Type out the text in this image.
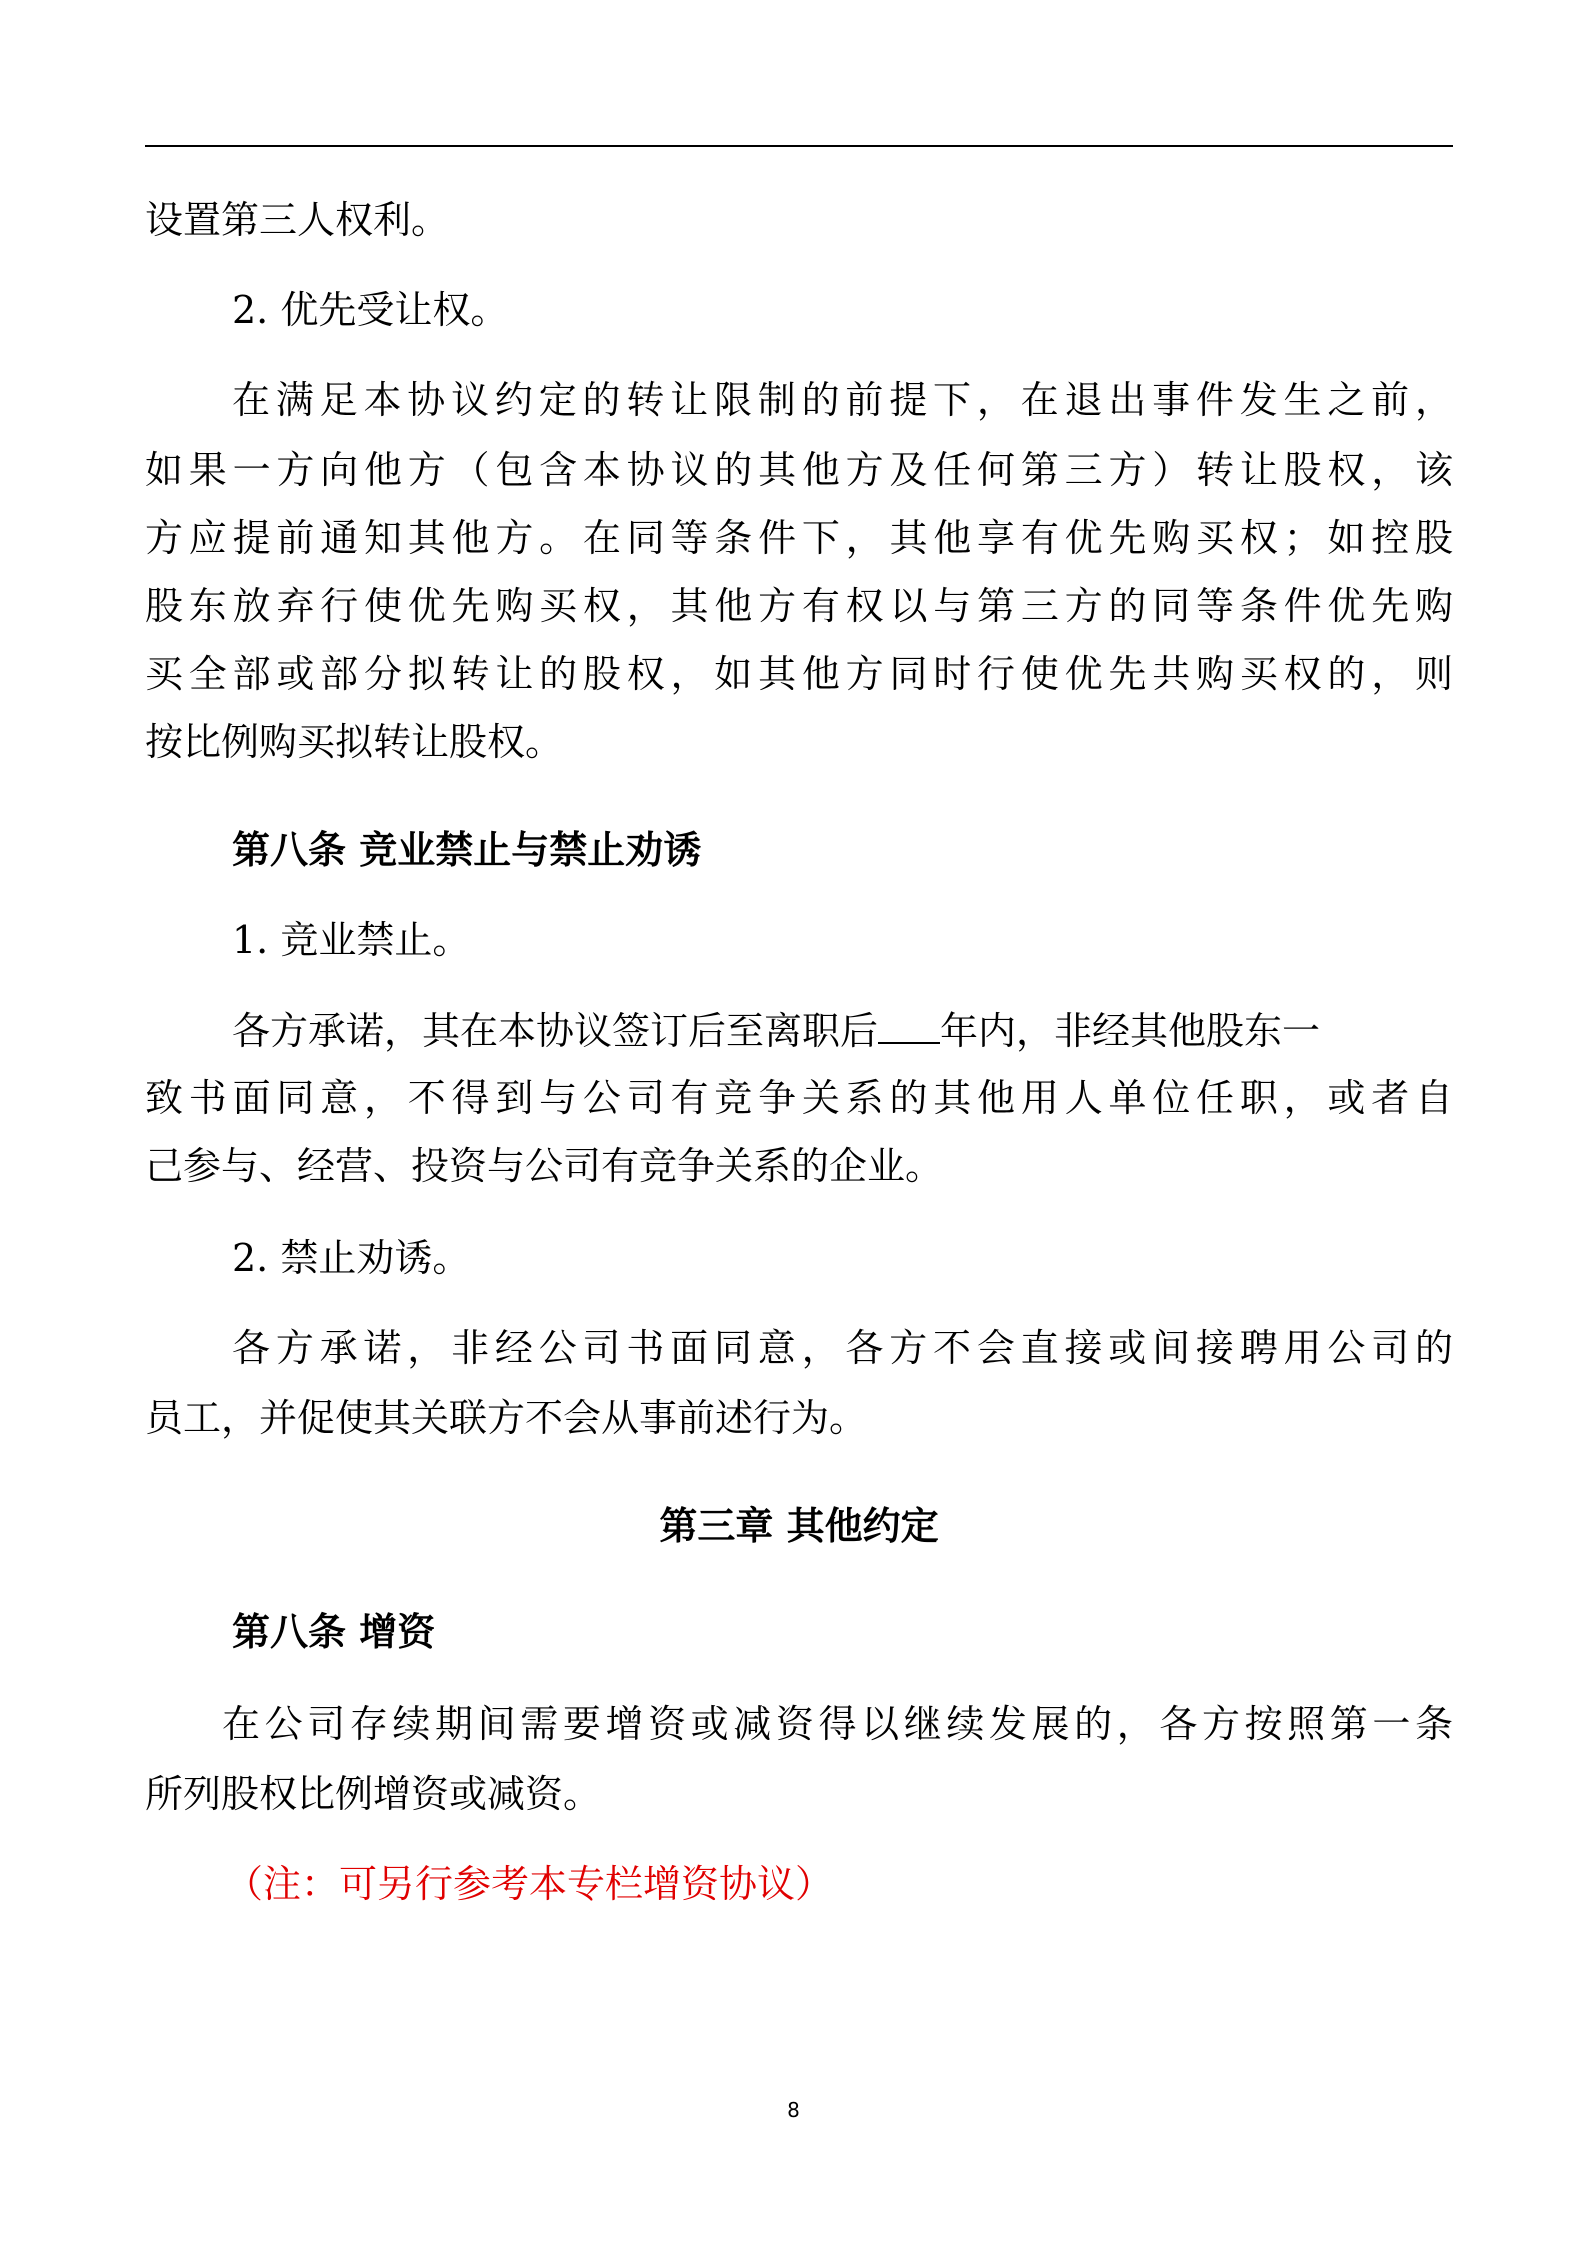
设置第三人权利。
2. 优先受让权。
在满足本协议约定的转让限制的前提下，在退出事件发生之前，
如果一方向他方（包含本协议的其他方及任何第三方）转让股权，该
方应提前通知其他方。在同等条件下，其他享有优先购买权；如控股
股东放弃行使优先购买权，其他方有权以与第三方的同等条件优先购
买全部或部分拟转让的股权，如其他方同时行使优先共购买权的，则
按比例购买拟转让股权。
第八条 竞业禁止与禁止劝诱
1. 竞业禁止。
各方承诺，其在本协议签订后至离职后 年内，非经其他股东一
致书面同意，不得到与公司有竞争关系的其他用人单位任职，或者自
己参与、经营、投资与公司有竞争关系的企业。
2. 禁止劝诱。
各方承诺，非经公司书面同意，各方不会直接或间接聘用公司的
员工，并促使其关联方不会从事前述行为。
第三章 其他约定
第八条 增资
在公司存续期间需要增资或减资得以继续发展的，各方按照第一条
所列股权比例增资或减资。
（注：可另行参考本专栏增资协议）
8
